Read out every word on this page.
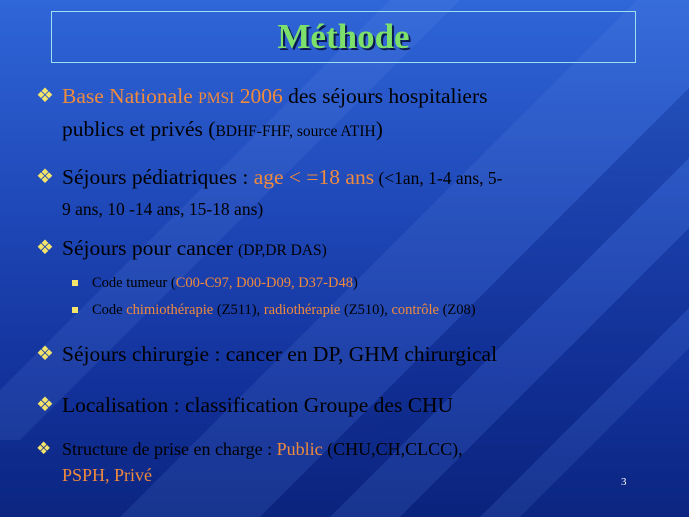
Méthode
❖ Base Nationale PMSI 2006 des séjours hospitaliers
publics et privés (BDHF-FHF, source ATIH)
❖ Séjours pédiatriques : age < =18 ans (<1an, 1-4 ans, 5-
9 ans, 10 -14 ans, 15-18 ans)
❖ Séjours pour cancer (DP,DR DAS)
Code tumeur (C00-C97, D00-D09, D37-D48)
Code chimiothérapie (Z511), radiothérapie (Z510), contrôle (Z08)
❖ Séjours chirurgie : cancer en DP, GHM chirurgical
❖ Localisation : classification Groupe des CHU
❖ Structure de prise en charge : Public (CHU,CH,CLCC),
PSPH, Privé	3
